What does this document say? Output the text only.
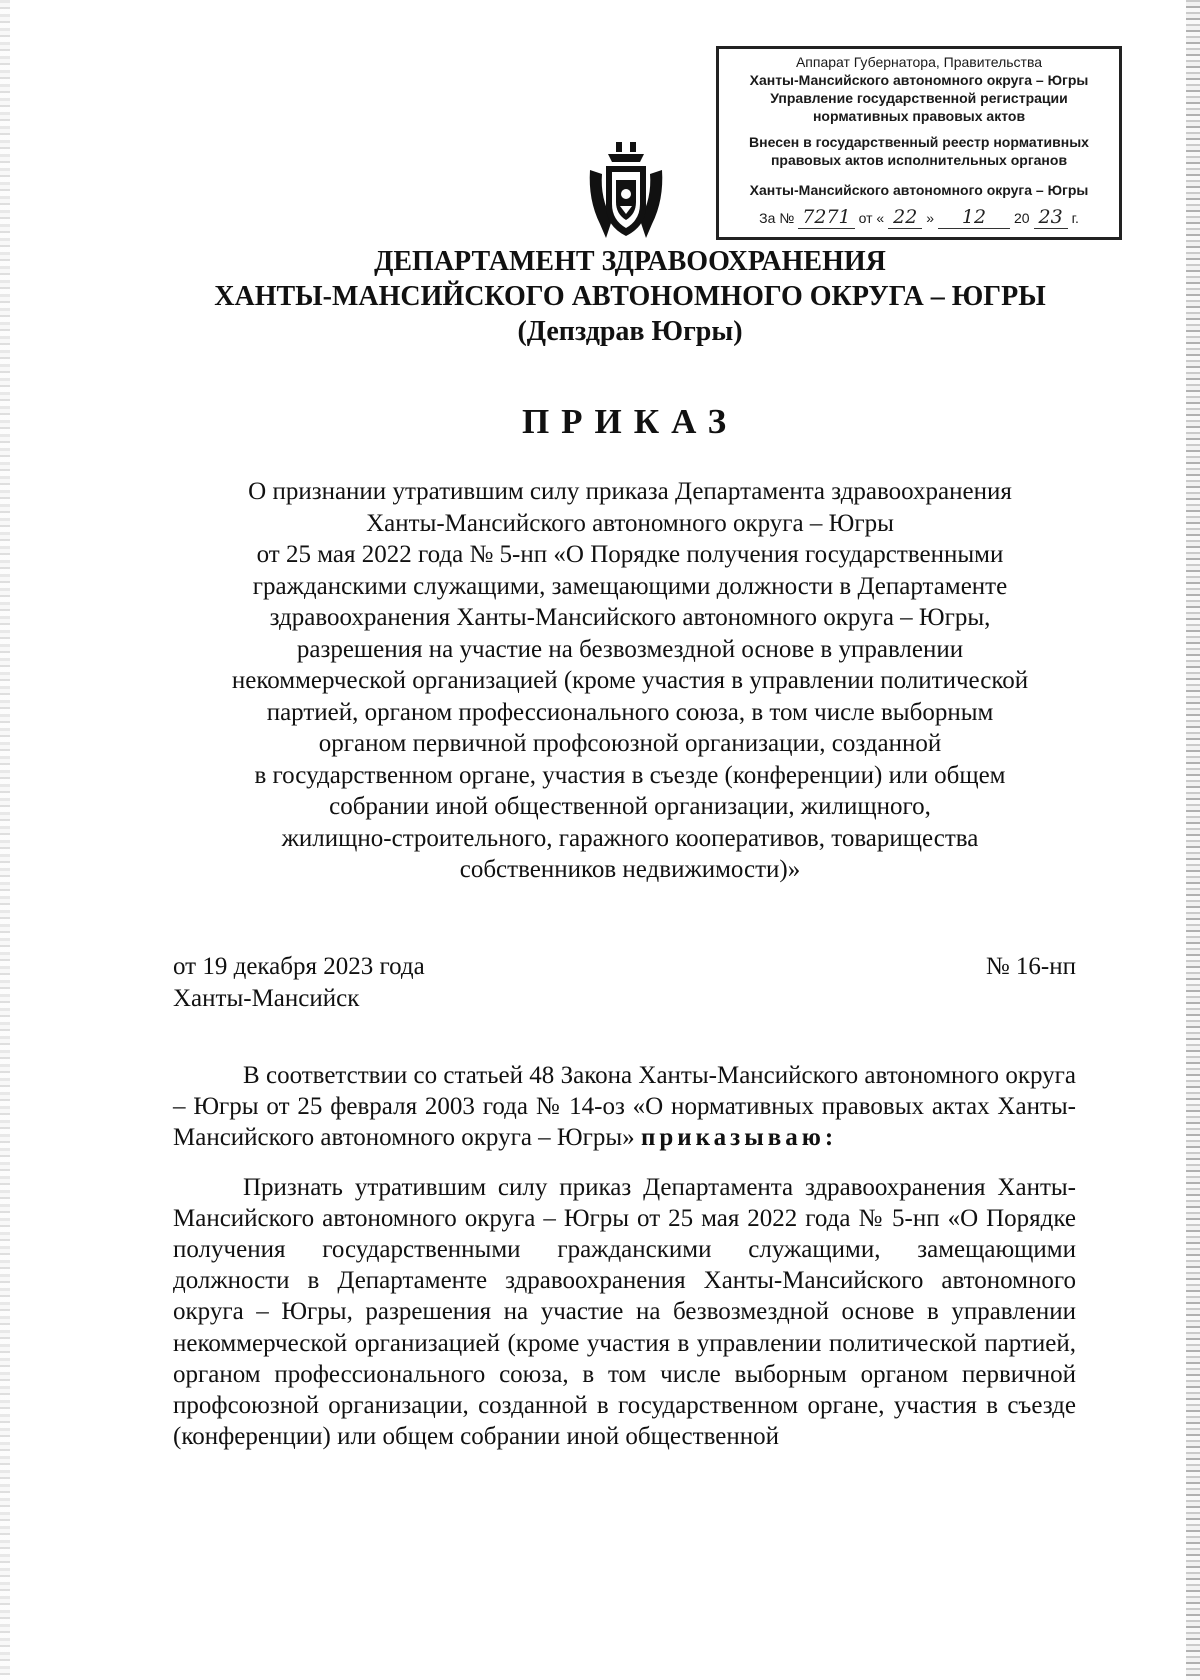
Аппарат Губернатора, Правительства
Ханты-Мансийского автономного округа – Югры
Управление государственной регистрации
нормативных правовых актов
Внесен в государственный реестр нормативных
правовых актов исполнительных органов
Ханты-Мансийского автономного округа – Югры
За № 7271 от « 22 »	12	20 23 г.
ДЕПАРТАМЕНТ ЗДРАВООХРАНЕНИЯ
ХАНТЫ-МАНСИЙСКОГО АВТОНОМНОГО ОКРУГА – ЮГРЫ
(Депздрав Югры)
ПРИКАЗ
О признании утратившим силу приказа Департамента здравоохранения
Ханты-Мансийского автономного округа – Югры
от 25 мая 2022 года № 5-нп «О Порядке получения государственными
гражданскими служащими, замещающими должности в Департаменте
здравоохранения Ханты-Мансийского автономного округа – Югры,
разрешения на участие на безвозмездной основе в управлении
некоммерческой организацией (кроме участия в управлении политической
партией, органом профессионального союза, в том числе выборным
органом первичной профсоюзной организации, созданной
в государственном органе, участия в съезде (конференции) или общем
собрании иной общественной организации, жилищного,
жилищно-строительного, гаражного кооперативов, товарищества
собственников недвижимости)»
от 19 декабря 2023 года
Ханты-Мансийск
№ 16-нп

В соответствии со статьей 48 Закона Ханты-Мансийского автономного округа – Югры от 25 февраля 2003 года № 14-оз «О нормативных правовых актах Ханты-Мансийского автономного округа – Югры» приказываю:

Признать утратившим силу приказ Департамента здравоохранения Ханты-Мансийского автономного округа – Югры от 25 мая 2022 года № 5-нп «О Порядке получения государственными гражданскими служащими, замещающими должности в Департаменте здравоохранения Ханты-Мансийского автономного округа – Югры, разрешения на участие на безвозмездной основе в управлении некоммерческой организацией (кроме участия в управлении политической партией, органом профессионального союза, в том числе выборным органом первичной профсоюзной организации, созданной в государственном органе, участия в съезде (конференции) или общем собрании иной общественной
